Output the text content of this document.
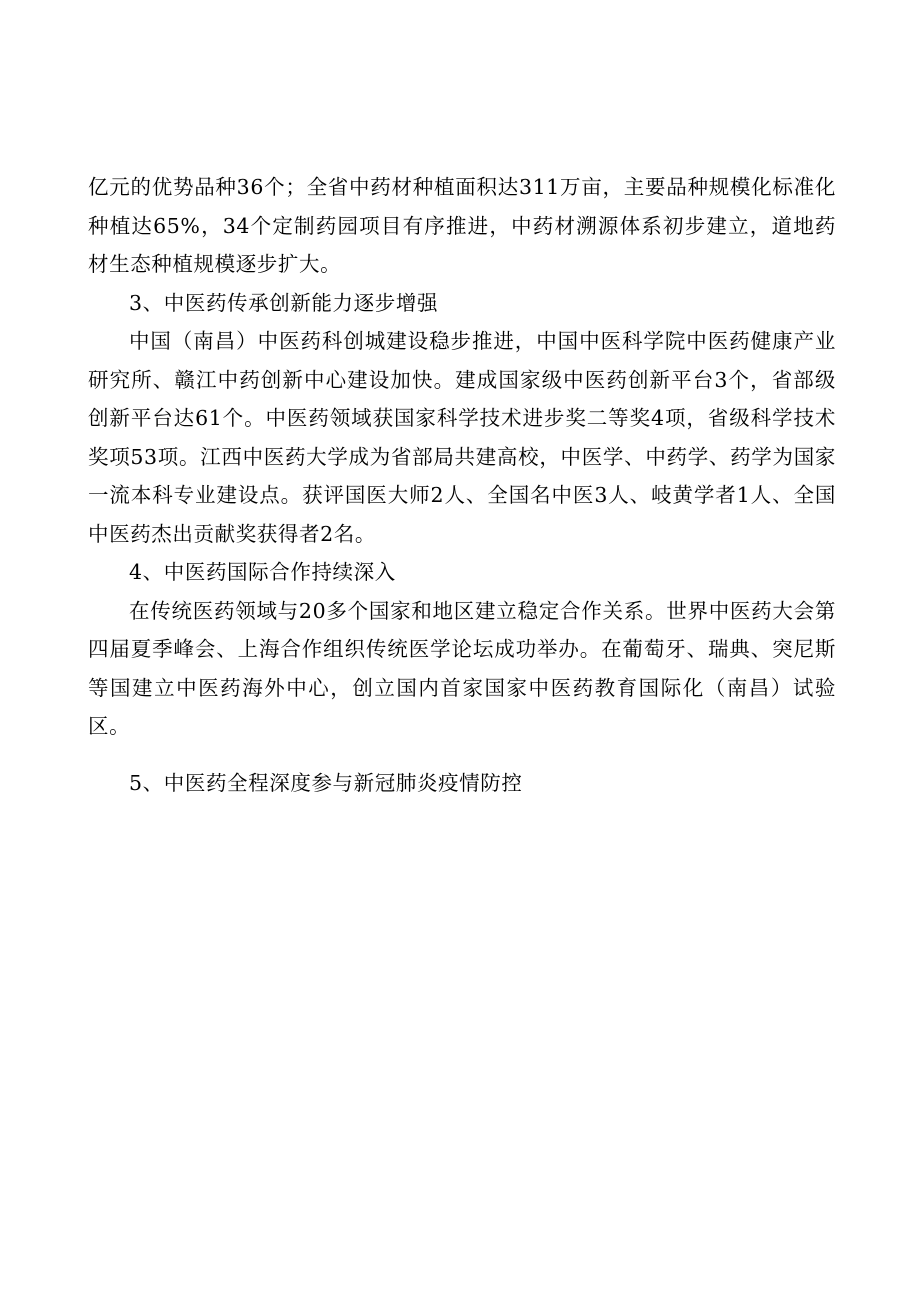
亿元的优势品种36个；全省中药材种植面积达311万亩，主要品种规模化标准化种植达65%，34个定制药园项目有序推进，中药材溯源体系初步建立，道地药材生态种植规模逐步扩大。

3、中医药传承创新能力逐步增强

中国（南昌）中医药科创城建设稳步推进，中国中医科学院中医药健康产业研究所、赣江中药创新中心建设加快。建成国家级中医药创新平台3个，省部级创新平台达61个。中医药领域获国家科学技术进步奖二等奖4项，省级科学技术奖项53项。江西中医药大学成为省部局共建高校，中医学、中药学、药学为国家一流本科专业建设点。获评国医大师2人、全国名中医3人、岐黄学者1人、全国中医药杰出贡献奖获得者2名。

4、中医药国际合作持续深入

在传统医药领域与20多个国家和地区建立稳定合作关系。世界中医药大会第四届夏季峰会、上海合作组织传统医学论坛成功举办。在葡萄牙、瑞典、突尼斯等国建立中医药海外中心，创立国内首家国家中医药教育国际化（南昌）试验区。

5、中医药全程深度参与新冠肺炎疫情防控
